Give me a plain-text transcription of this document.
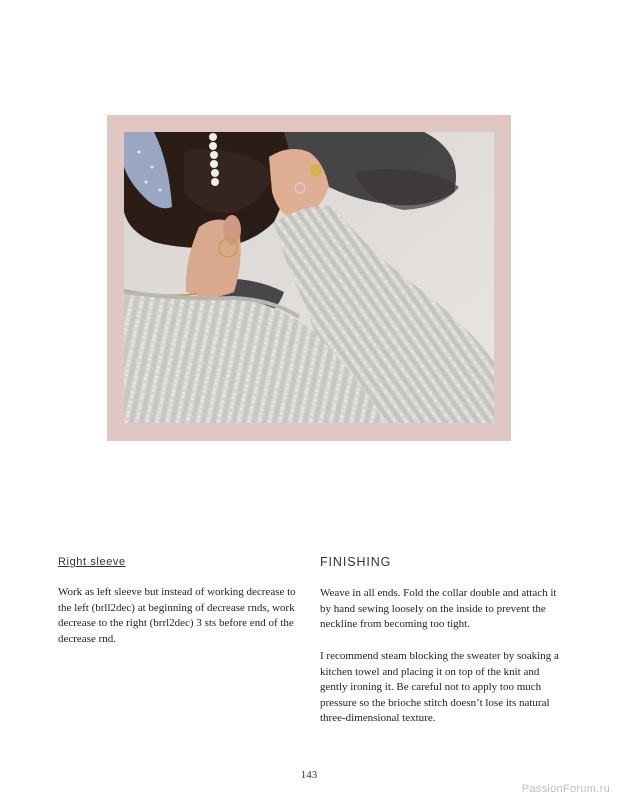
Right sleeve

Work as left sleeve but instead of working decrease to the left (brll2dec) at beginning of decrease rnds, work decrease to the right (brrl2dec) 3 sts before end of the decrease rnd.

FINISHING

Weave in all ends. Fold the collar double and attach it by hand sewing loosely on the inside to prevent the neckline from becoming too tight.

I recommend steam blocking the sweater by soaking a kitchen towel and placing it on top of the knit and gently ironing it. Be careful not to apply too much pressure so the brioche stitch doesn’t lose its natural three-dimensional texture.

143
PassionForum.ru
